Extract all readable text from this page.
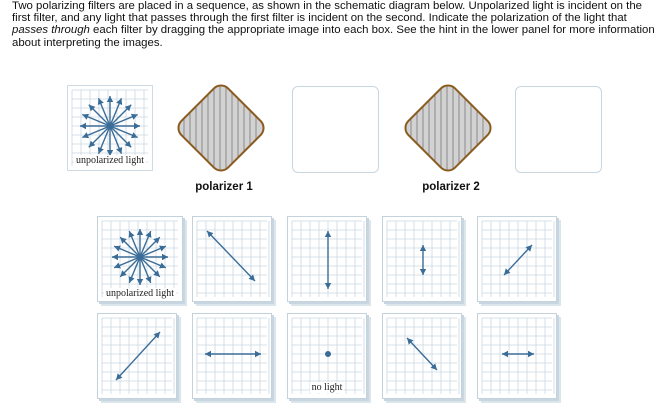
Two polarizing filters are placed in a sequence, as shown in the schematic diagram below. Unpolarized light is incident on the first filter, and any light that passes through the first filter is incident on the second. Indicate the polarization of the light that passes through each filter by dragging the appropriate image into each box. See the hint in the lower panel for more information about interpreting the images.

unpolarized light
polarizer 1	polarizer 2
unpolarized light
no light
